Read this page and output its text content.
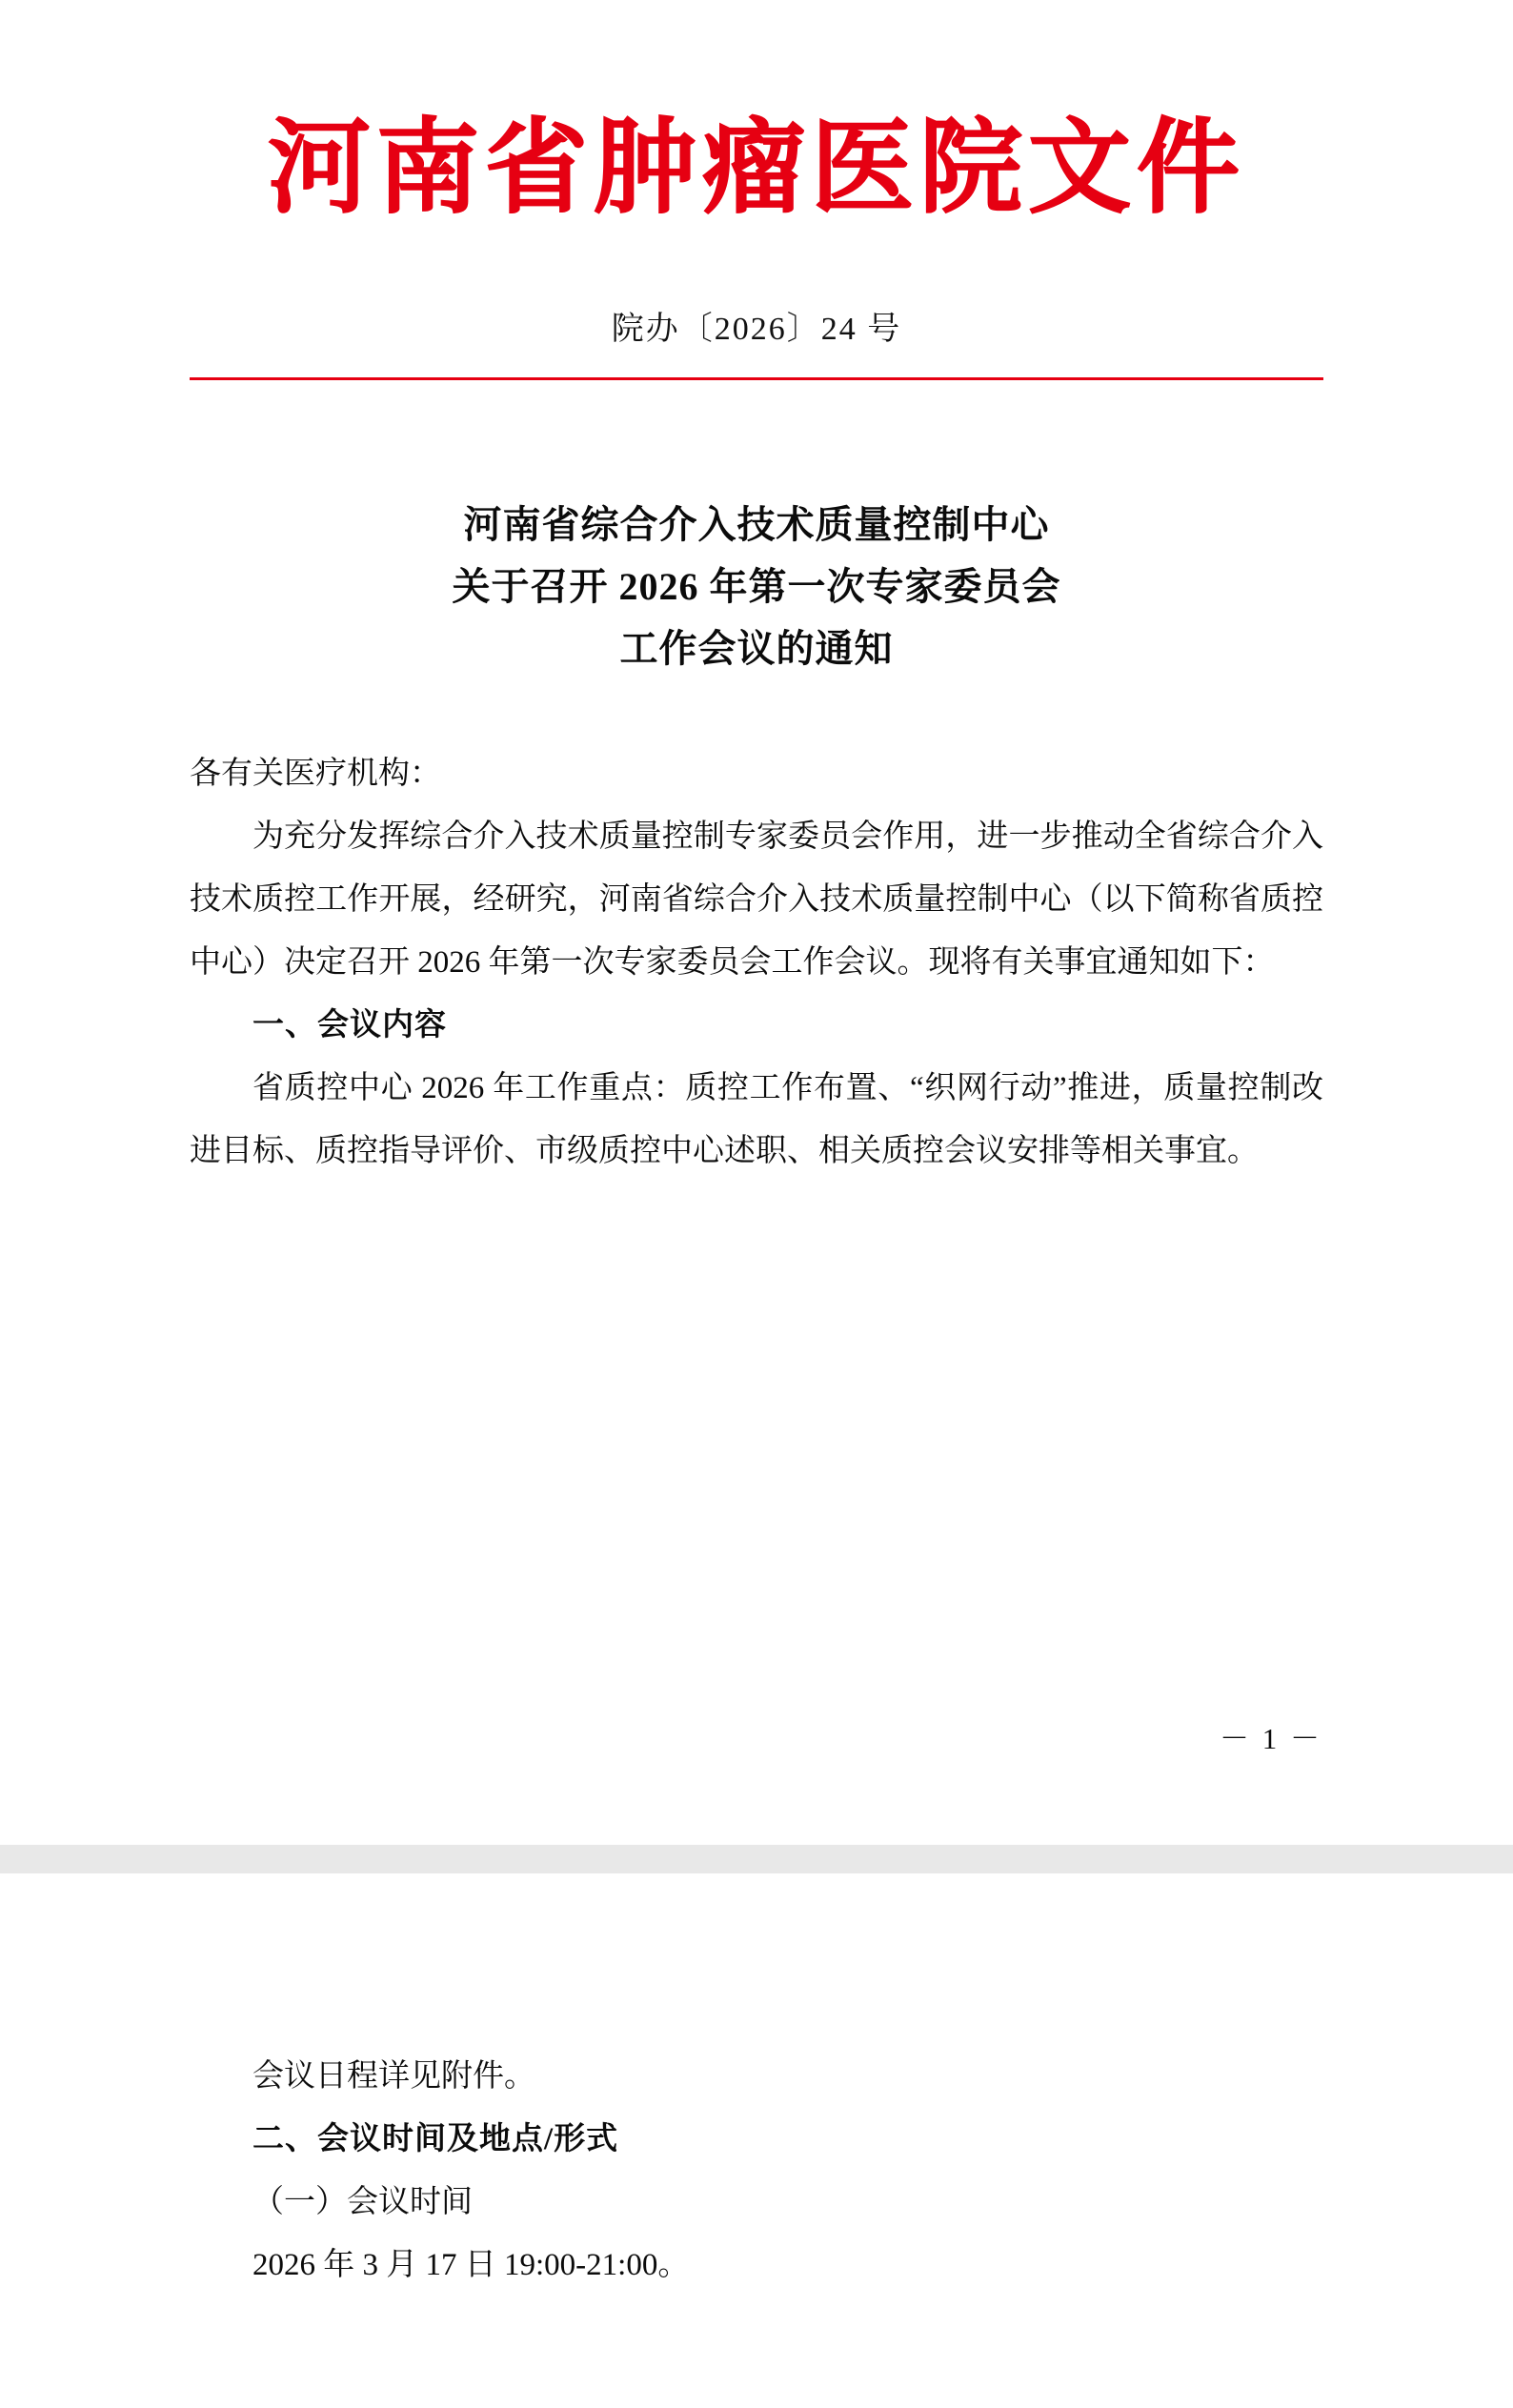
河南省肿瘤医院文件
院办〔2026〕24 号
河南省综合介入技术质量控制中心
关于召开 2026 年第一次专家委员会
工作会议的通知

各有关医疗机构：

为充分发挥综合介入技术质量控制专家委员会作用，进一步推动全省综合介入技术质控工作开展，经研究，河南省综合介入技术质量控制中心（以下简称省质控中心）决定召开 2026 年第一次专家委员会工作会议。现将有关事宜通知如下：

一、会议内容

省质控中心 2026 年工作重点：质控工作布置、“织网行动”推进，质量控制改进目标、质控指导评价、市级质控中心述职、相关质控会议安排等相关事宜。

－ 1 －

会议日程详见附件。

二、会议时间及地点/形式

（一）会议时间

2026 年 3 月 17 日 19:00-21:00。
